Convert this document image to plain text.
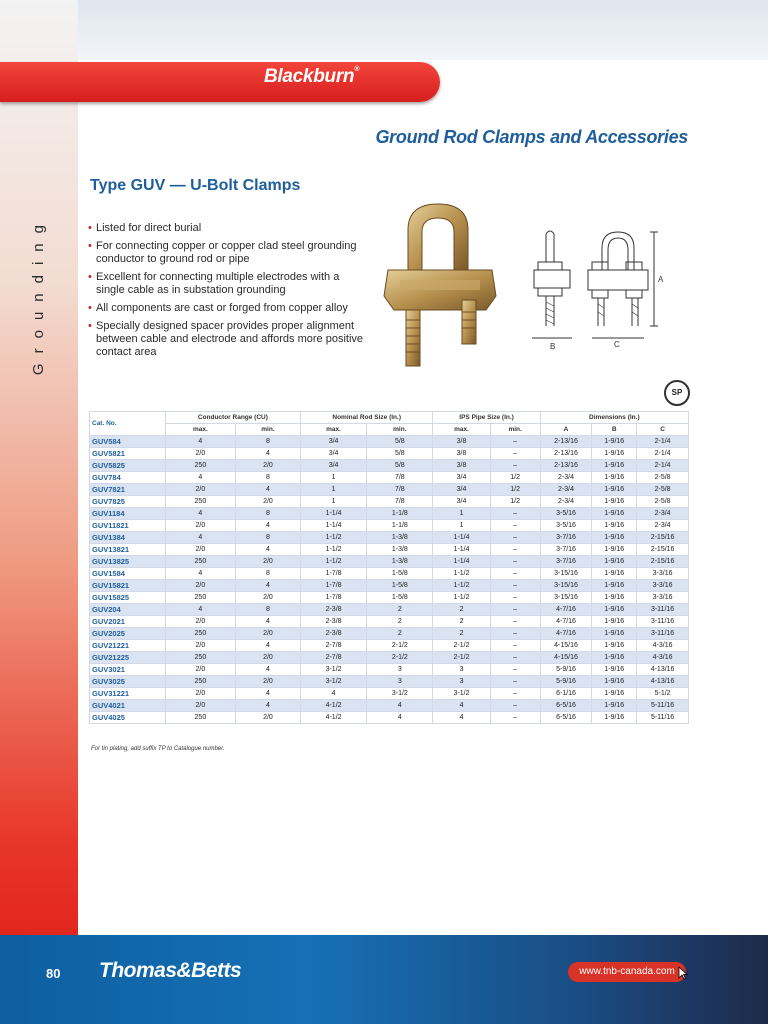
Blackburn®
Ground Rod Clamps and Accessories
Type GUV — U-Bolt Clamps
Grounding	• Listed for direct burial
• For connecting copper or copper clad steel grounding conductor to ground rod or pipe
• Excellent for connecting multiple electrodes with a single cable as in substation grounding
• All components are cast or forged from copper alloy
• Specially designed spacer provides proper alignment between cable and electrode and affords more positive contact area
A
B	C
SP
Cat. No.	Conductor Range (CU)		Nominal Rod Size (In.)		IPS Pipe Size (In.)		Dimensions (In.)		
	max.	min.	max.	min.	max.	min.	A	B	C
GUV584	4	8	3/4	5/8	3/8	–	2-13/16	1-9/16	2-1/4
GUV5821	2/0	4	3/4	5/8	3/8	–	2-13/16	1-9/16	2-1/4
GUV5825	250	2/0	3/4	5/8	3/8	–	2-13/16	1-9/16	2-1/4
GUV784	4	8	1	7/8	3/4	1/2	2-3/4	1-9/16	2-5/8
GUV7821	2/0	4	1	7/8	3/4	1/2	2-3/4	1-9/16	2-5/8
GUV7825	250	2/0	1	7/8	3/4	1/2	2-3/4	1-9/16	2-5/8
GUV1184	4	8	1-1/4	1-1/8	1	–	3-5/16	1-9/16	2-3/4
GUV11821	2/0	4	1-1/4	1-1/8	1	–	3-5/16	1-9/16	2-3/4
GUV1384	4	8	1-1/2	1-3/8	1-1/4	–	3-7/16	1-9/16	2-15/16
GUV13821	2/0	4	1-1/2	1-3/8	1-1/4	–	3-7/16	1-9/16	2-15/16
GUV13825	250	2/0	1-1/2	1-3/8	1-1/4	–	3-7/16	1-9/16	2-15/16
GUV1584	4	8	1-7/8	1-5/8	1-1/2	–	3-15/16	1-9/16	3-3/16
GUV15821	2/0	4	1-7/8	1-5/8	1-1/2	–	3-15/16	1-9/16	3-3/16
GUV15825	250	2/0	1-7/8	1-5/8	1-1/2	–	3-15/16	1-9/16	3-3/16
GUV204	4	8	2-3/8	2	2	–	4-7/16	1-9/16	3-11/16
GUV2021	2/0	4	2-3/8	2	2	–	4-7/16	1-9/16	3-11/16
GUV2025	250	2/0	2-3/8	2	2	–	4-7/16	1-9/16	3-11/16
GUV21221	2/0	4	2-7/8	2-1/2	2-1/2	–	4-15/16	1-9/16	4-3/16
GUV21225	250	2/0	2-7/8	2-1/2	2-1/2	–	4-15/16	1-9/16	4-3/16
GUV3021	2/0	4	3-1/2	3	3	–	5-9/16	1-9/16	4-13/16
GUV3025	250	2/0	3-1/2	3	3	–	5-9/16	1-9/16	4-13/16
GUV31221	2/0	4	4	3-1/2	3-1/2	–	6-1/16	1-9/16	5-1/2
GUV4021	2/0	4	4-1/2	4	4	–	6-5/16	1-9/16	5-11/16
GUV4025	250	2/0	4-1/2	4	4	–	6-5/16	1-9/16	5-11/16
For tin plating, add suffix TP to Catalogue number.
80 Thomas&Betts	www.tnb-canada.com
